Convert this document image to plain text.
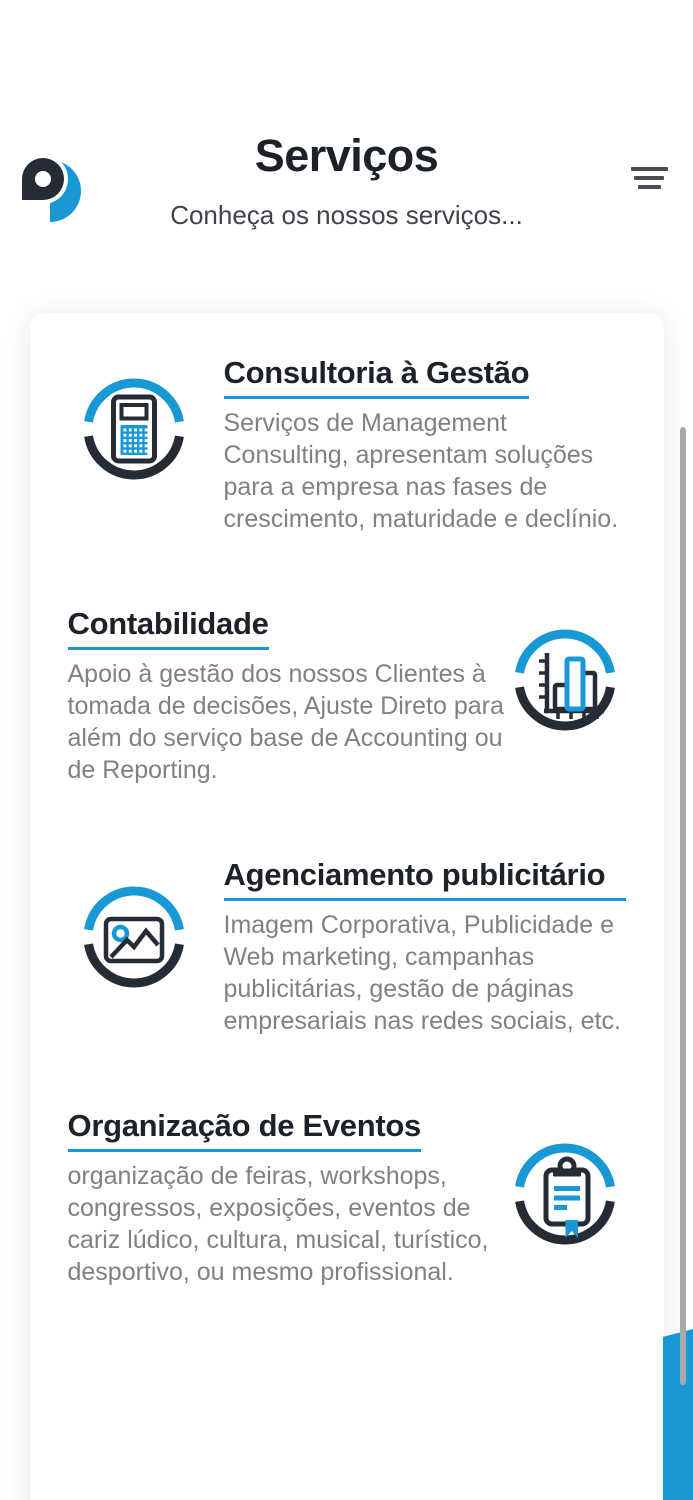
Serviços

Conheça os nossos serviços...

Consultoria à Gestão

Serviços de Management Consulting, apresentam soluções para a empresa nas fases de crescimento, maturidade e declínio.

Contabilidade

Apoio à gestão dos nossos Clientes à tomada de decisões, Ajuste Direto para além do serviço base de Accounting ou de Reporting.

Agenciamento publicitário

Imagem Corporativa, Publicidade e Web marketing, campanhas publicitárias, gestão de páginas empresariais nas redes sociais, etc.

Organização de Eventos

organização de feiras, workshops, congressos, exposições, eventos de cariz lúdico, cultura, musical, turístico, desportivo, ou mesmo profissional.
